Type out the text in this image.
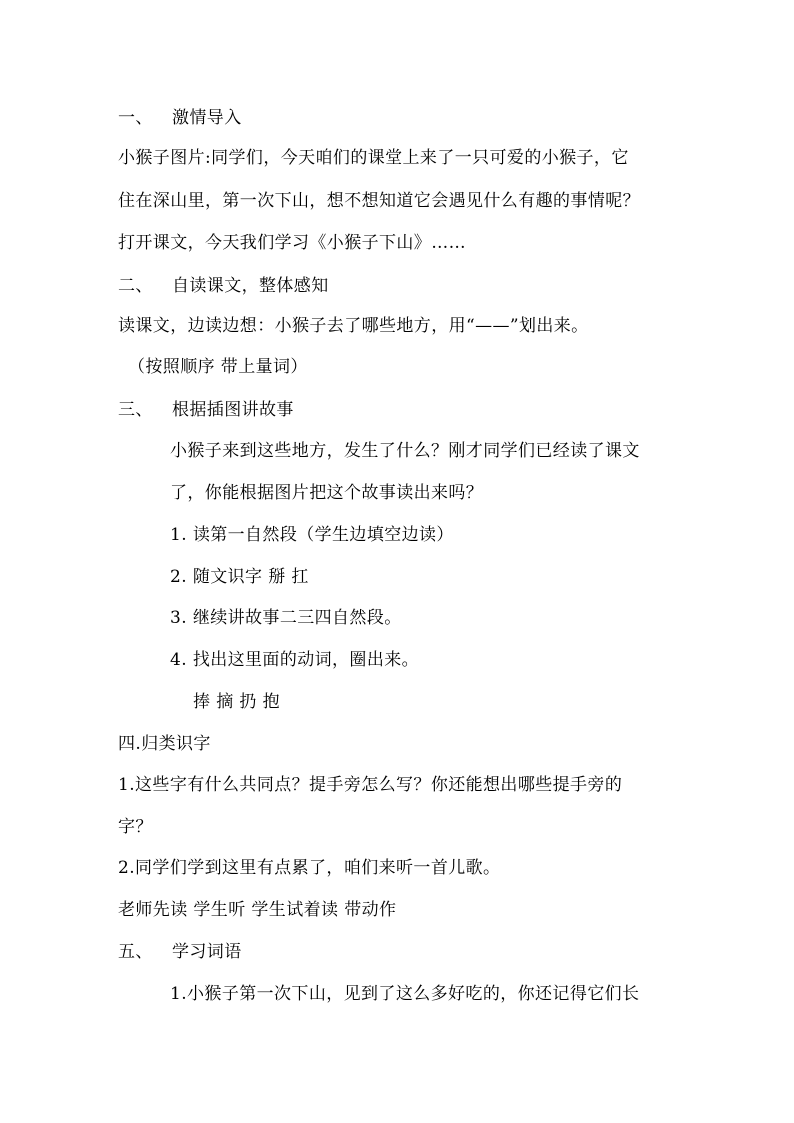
一、 激情导入
小猴子图片:同学们，今天咱们的课堂上来了一只可爱的小猴子，它
住在深山里，第一次下山，想不想知道它会遇见什么有趣的事情呢？
打开课文，今天我们学习《小猴子下山》……
二、 自读课文，整体感知
读课文，边读边想：小猴子去了哪些地方，用“——”划出来。
（按照顺序 带上量词）
三、 根据插图讲故事
小猴子来到这些地方，发生了什么？刚才同学们已经读了课文
了，你能根据图片把这个故事读出来吗？
1. 读第一自然段（学生边填空边读）
2. 随文识字 掰 扛
3. 继续讲故事二三四自然段。
4. 找出这里面的动词，圈出来。
捧 摘 扔 抱
四.归类识字
1.这些字有什么共同点？提手旁怎么写？你还能想出哪些提手旁的
字？
2.同学们学到这里有点累了，咱们来听一首儿歌。
老师先读 学生听 学生试着读 带动作
五、 学习词语
1.小猴子第一次下山，见到了这么多好吃的，你还记得它们长
